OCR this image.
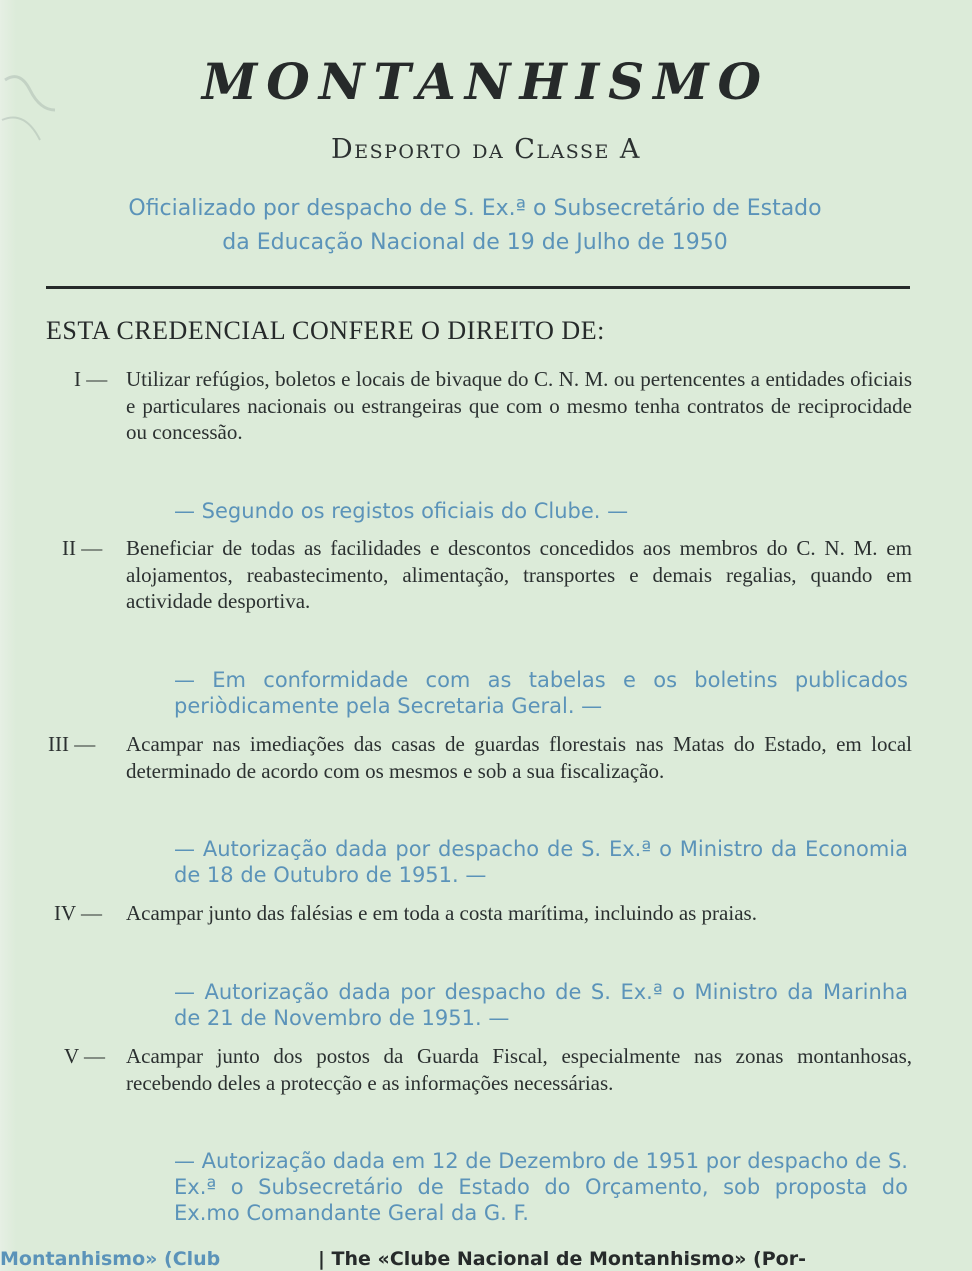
MONTANHISMO
Desporto da Classe A
Oficializado por despacho de S. Ex.ª o Subsecretário de Estado
da Educação Nacional de 19 de Julho de 1950
ESTA CREDENCIAL CONFERE O DIREITO DE:
I — Utilizar refúgios, boletos e locais de bivaque do C. N. M. ou pertencentes a entidades oficiais e particulares nacionais ou estrangeiras que com o mesmo tenha contratos de reciprocidade ou concessão.
— Segundo os registos oficiais do Clube. —
II — Beneficiar de todas as facilidades e descontos concedidos aos membros do C. N. M. em alojamentos, reabastecimento, alimentação, transportes e demais regalias, quando em actividade desportiva.
— Em conformidade com as tabelas e os boletins publicados periòdicamente pela Secretaria Geral. —
III — Acampar nas imediações das casas de guardas florestais nas Matas do Estado, em local determinado de acordo com os mesmos e sob a sua fiscalização.
— Autorização dada por despacho de S. Ex.ª o Ministro da Economia de 18 de Outubro de 1951. —
IV — Acampar junto das falésias e em toda a costa marítima, incluindo as praias.
— Autorização dada por despacho de S. Ex.ª o Ministro da Marinha de 21 de Novembro de 1951. —
V — Acampar junto dos postos da Guarda Fiscal, especialmente nas zonas montanhosas, recebendo deles a protecção e as informações necessárias.
— Autorização dada em 12 de Dezembro de 1951 por despacho de S. Ex.ª o Subsecretário de Estado do Orçamento, sob proposta do Ex.mo Comandante Geral da G. F.
Montanhismo» (Club	| The «Clube Nacional de Montanhismo» (Por-
